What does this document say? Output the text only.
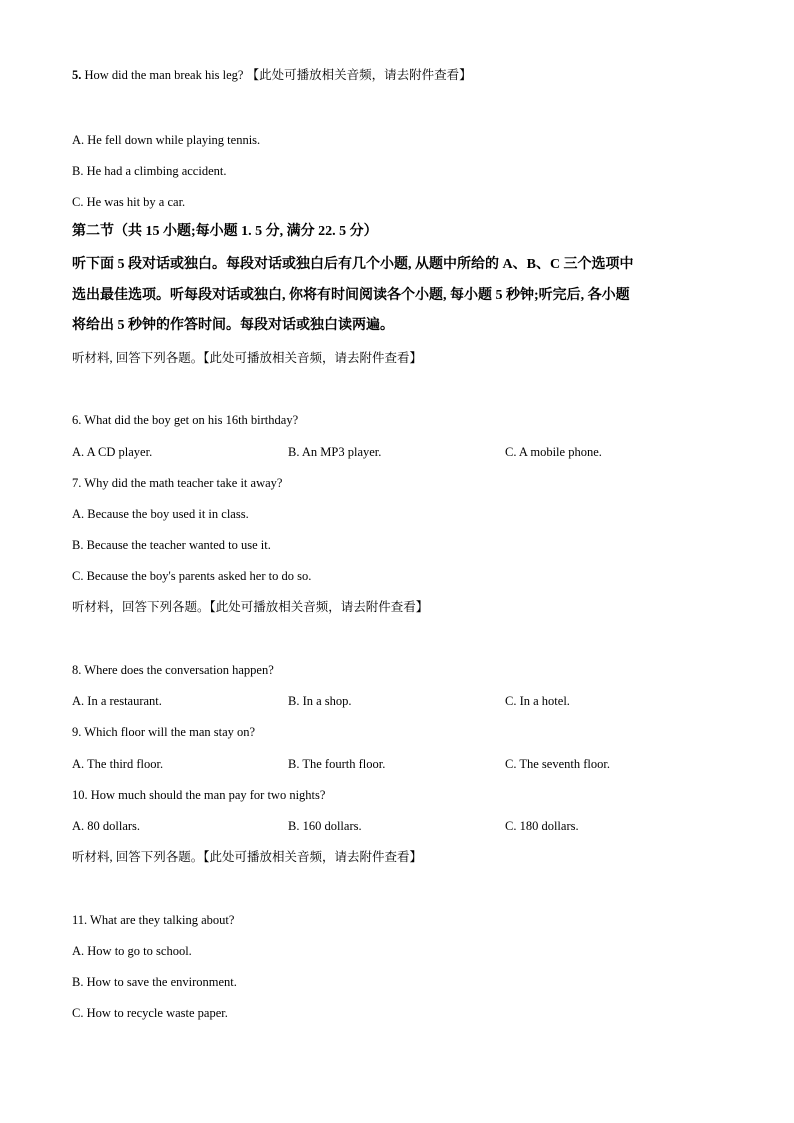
5. How did the man break his leg? 【此处可播放相关音频，请去附件查看】
A. He fell down while playing tennis.
B. He had a climbing accident.
C. He was hit by a car.
第二节（共 15 小题;每小题 1. 5 分, 满分 22. 5 分）
听下面 5 段对话或独白。每段对话或独白后有几个小题, 从题中所给的 A、B、C 三个选项中
选出最佳选项。听每段对话或独白, 你将有时间阅读各个小题, 每小题 5 秒钟;听完后, 各小题
将给出 5 秒钟的作答时间。每段对话或独白读两遍。
听材料, 回答下列各题。【此处可播放相关音频，请去附件查看】
6. What did the boy get on his 16th birthday?
A. A CD player.	B. An MP3 player.	C. A mobile phone.
7. Why did the math teacher take it away?
A. Because the boy used it in class.
B. Because the teacher wanted to use it.
C. Because the boy's parents asked her to do so.
听材料，回答下列各题。【此处可播放相关音频，请去附件查看】
8. Where does the conversation happen?
A. In a restaurant.	B. In a shop.	C. In a hotel.
9. Which floor will the man stay on?
A. The third floor.	B. The fourth floor.	C. The seventh floor.
10. How much should the man pay for two nights?
A. 80 dollars.	B. 160 dollars.	C. 180 dollars.
听材料, 回答下列各题。【此处可播放相关音频，请去附件查看】
11. What are they talking about?
A. How to go to school.
B. How to save the environment.
C. How to recycle waste paper.
